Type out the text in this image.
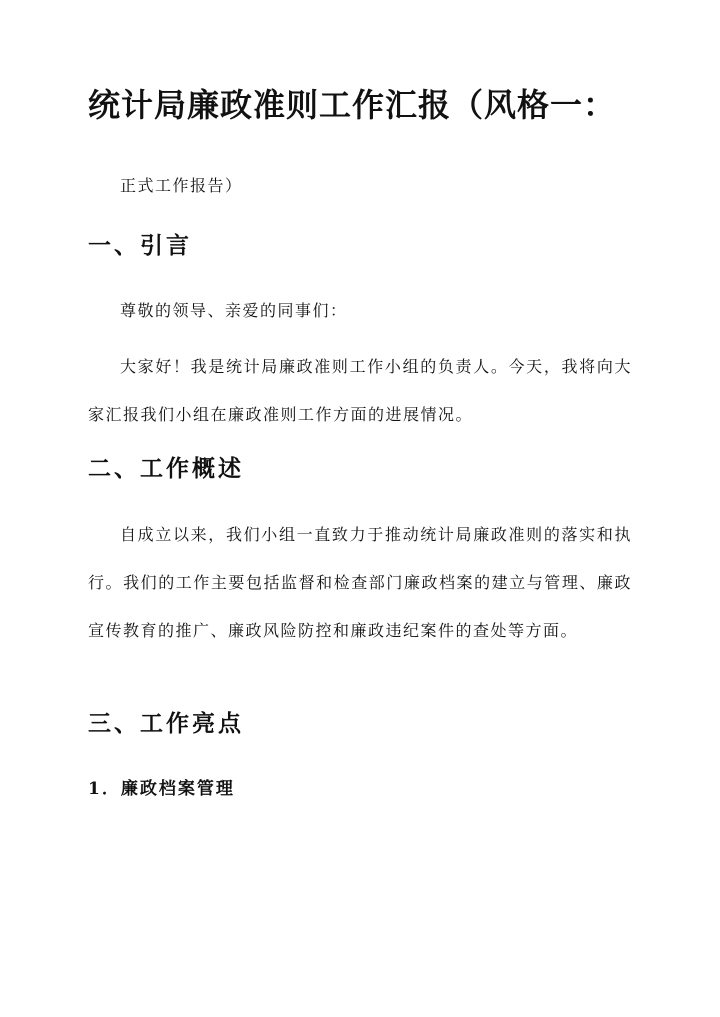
统计局廉政准则工作汇报（风格一：
正式工作报告）
一、引言
尊敬的领导、亲爱的同事们：
大家好！我是统计局廉政准则工作小组的负责人。今天，我将向大家汇报我们小组在廉政准则工作方面的进展情况。
二、工作概述
自成立以来，我们小组一直致力于推动统计局廉政准则的落实和执行。我们的工作主要包括监督和检查部门廉政档案的建立与管理、廉政宣传教育的推广、廉政风险防控和廉政违纪案件的查处等方面。
三、工作亮点
1．廉政档案管理
